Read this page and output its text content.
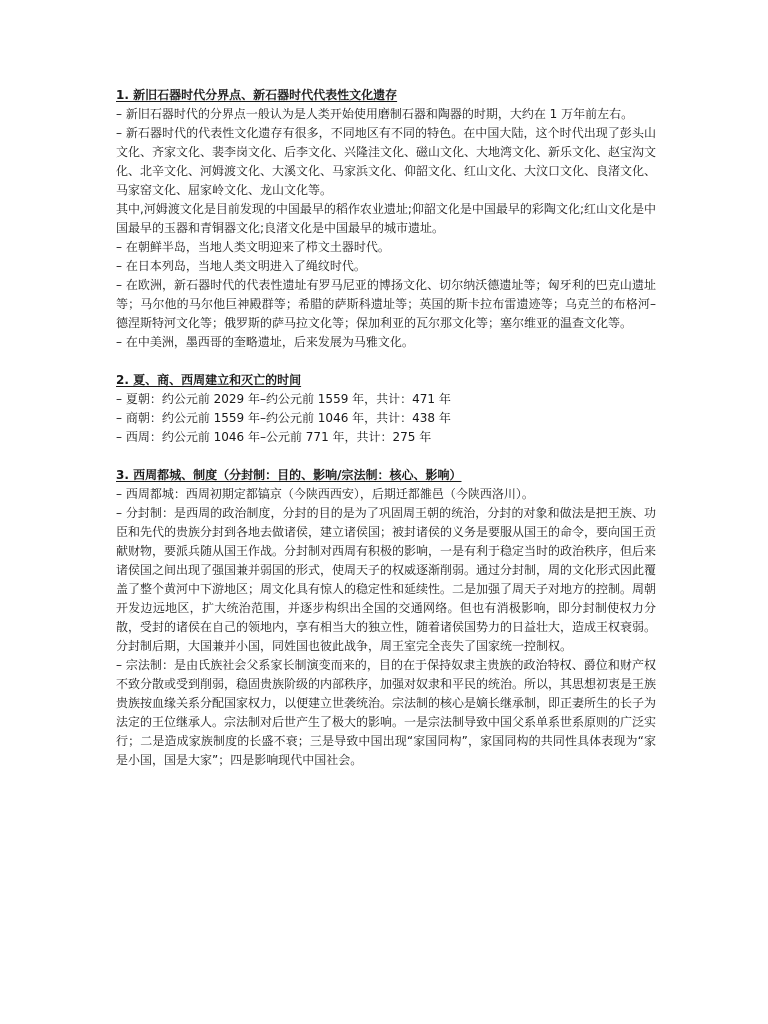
1. 新旧石器时代分界点、新石器时代代表性文化遗存

– 新旧石器时代的分界点一般认为是人类开始使用磨制石器和陶器的时期，大约在 1 万年前左右。

– 新石器时代的代表性文化遗存有很多，不同地区有不同的特色。在中国大陆，这个时代出现了彭头山文化、齐家文化、裴李岗文化、后李文化、兴隆洼文化、磁山文化、大地湾文化、新乐文化、赵宝沟文化、北辛文化、河姆渡文化、大溪文化、马家浜文化、仰韶文化、红山文化、大汶口文化、良渚文化、马家窑文化、屈家岭文化、龙山文化等。

其中,河姆渡文化是目前发现的中国最早的稻作农业遗址;仰韶文化是中国最早的彩陶文化;红山文化是中国最早的玉器和青铜器文化;良渚文化是中国最早的城市遗址。

– 在朝鲜半岛，当地人类文明迎来了栉文土器时代。

– 在日本列岛，当地人类文明进入了绳纹时代。

– 在欧洲，新石器时代的代表性遗址有罗马尼亚的博扬文化、切尔纳沃德遗址等；匈牙利的巴克山遗址等；马尔他的马尔他巨神殿群等；希腊的萨斯科遗址等；英国的斯卡拉布雷遗迹等；乌克兰的布格河–德涅斯特河文化等；俄罗斯的萨马拉文化等；保加利亚的瓦尔那文化等；塞尔维亚的温查文化等。

– 在中美洲，墨西哥的奎略遗址，后来发展为马雅文化。

2. 夏、商、西周建立和灭亡的时间

– 夏朝：约公元前 2029 年–约公元前 1559 年，共计：471 年

– 商朝：约公元前 1559 年–约公元前 1046 年，共计：438 年

– 西周：约公元前 1046 年–公元前 771 年，共计：275 年

3. 西周都城、制度（分封制：目的、影响/宗法制：核心、影响）

– 西周都城：西周初期定都镐京（今陕西西安），后期迁都雒邑（今陕西洛川）。

– 分封制：是西周的政治制度，分封的目的是为了巩固周王朝的统治，分封的对象和做法是把王族、功臣和先代的贵族分封到各地去做诸侯，建立诸侯国；被封诸侯的义务是要服从国王的命令，要向国王贡献财物，要派兵随从国王作战。分封制对西周有积极的影响，一是有利于稳定当时的政治秩序，但后来诸侯国之间出现了强国兼并弱国的形式，使周天子的权威逐渐削弱。通过分封制，周的文化形式因此覆盖了整个黄河中下游地区；周文化具有惊人的稳定性和延续性。二是加强了周天子对地方的控制。周朝开发边远地区，扩大统治范围，并逐步构织出全国的交通网络。但也有消极影响，即分封制使权力分散，受封的诸侯在自己的领地内，享有相当大的独立性，随着诸侯国势力的日益壮大，造成王权衰弱。分封制后期，大国兼并小国，同姓国也彼此战争，周王室完全丧失了国家统一控制权。

– 宗法制：是由氏族社会父系家长制演变而来的，目的在于保持奴隶主贵族的政治特权、爵位和财产权不致分散或受到削弱，稳固贵族阶级的内部秩序，加强对奴隶和平民的统治。所以，其思想初衷是王族贵族按血缘关系分配国家权力，以便建立世袭统治。宗法制的核心是嫡长继承制，即正妻所生的长子为法定的王位继承人。宗法制对后世产生了极大的影响。一是宗法制导致中国父系单系世系原则的广泛实行；二是造成家族制度的长盛不衰；三是导致中国出现“家国同构”，家国同构的共同性具体表现为“家是小国，国是大家”；四是影响现代中国社会。
